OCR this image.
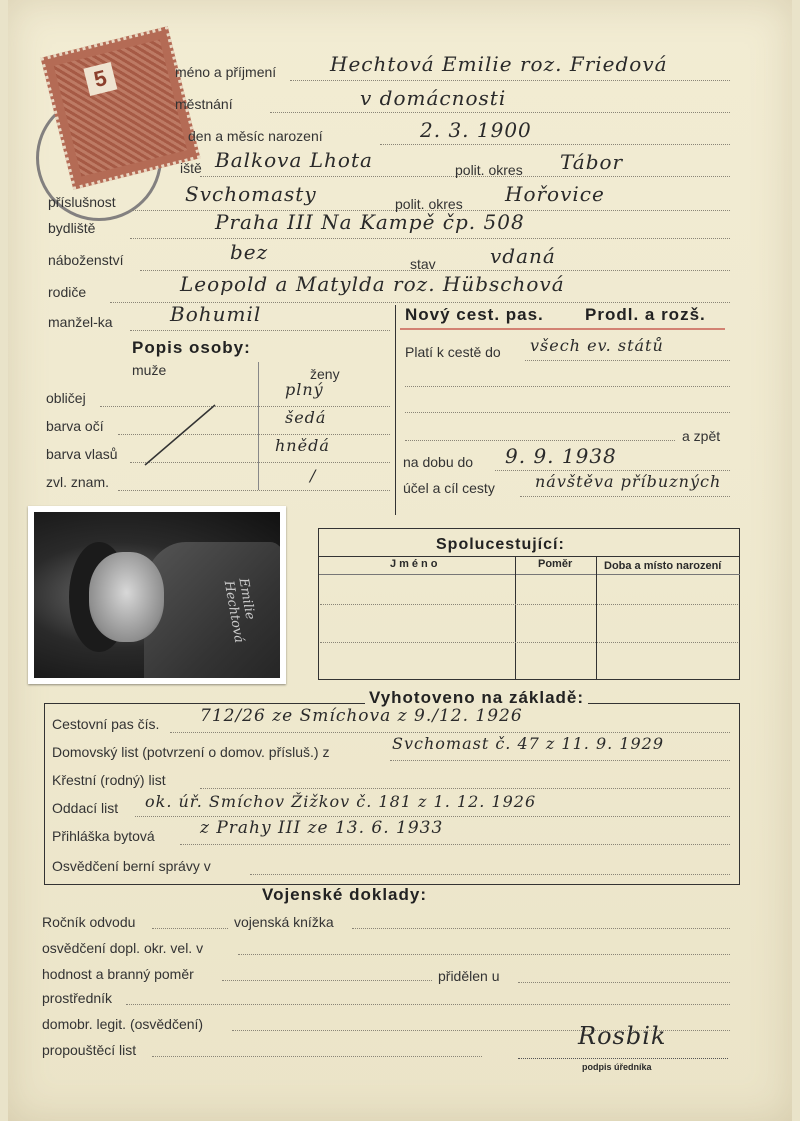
5	méno a příjmení	Hechtová Emilie roz. Friedová
městnání	v domácnosti
den a měsíc narození	2. 3. 1900
iště Balkova Lhota	polit. okres Tábor
příslušnost	Svchomasty	polit. okres Hořovice
bydliště	Praha III Na Kampě čp. 508
náboženství	bez	stav	vdaná
rodiče	Leopold a Matylda roz. Hübschová
manžel-ka	Bohumil	Nový cest. pas. Prodl. a rozš.
Platí k cestě do všech ev. států
a zpět
na dobu do 9. 9. 1938
účel a cíl cesty	návštěva příbuzných
Popis osoby:
muže	ženy
obličej	plný
barva očí	šedá
barva vlasů	hnědá
zvl. znam.	/
Emilie Hechtová
Spolucestující:
Jméno	Poměr	Doba a místo narození
Vyhotoveno na základě:
Cestovní pas čís. 712/26 ze Smíchova z 9./12. 1926
Domovský list (potvrzení o domov. přísluš.) z	Svchomast č. 47 z 11. 9. 1929
Křestní (rodný) list
Oddací list ok. úř. Smíchov Žižkov č. 181 z 1. 12. 1926
Přihláška bytová	z Prahy III ze 13. 6. 1933
Osvědčení berní správy v
Vojenské doklady:
Ročník odvodu	vojenská knížka
osvědčení dopl. okr. vel. v
hodnost a branný poměr	přidělen u
prostředník
domobr. legit. (osvědčení)
propouštěcí list	Rosbik
podpis úředníka
